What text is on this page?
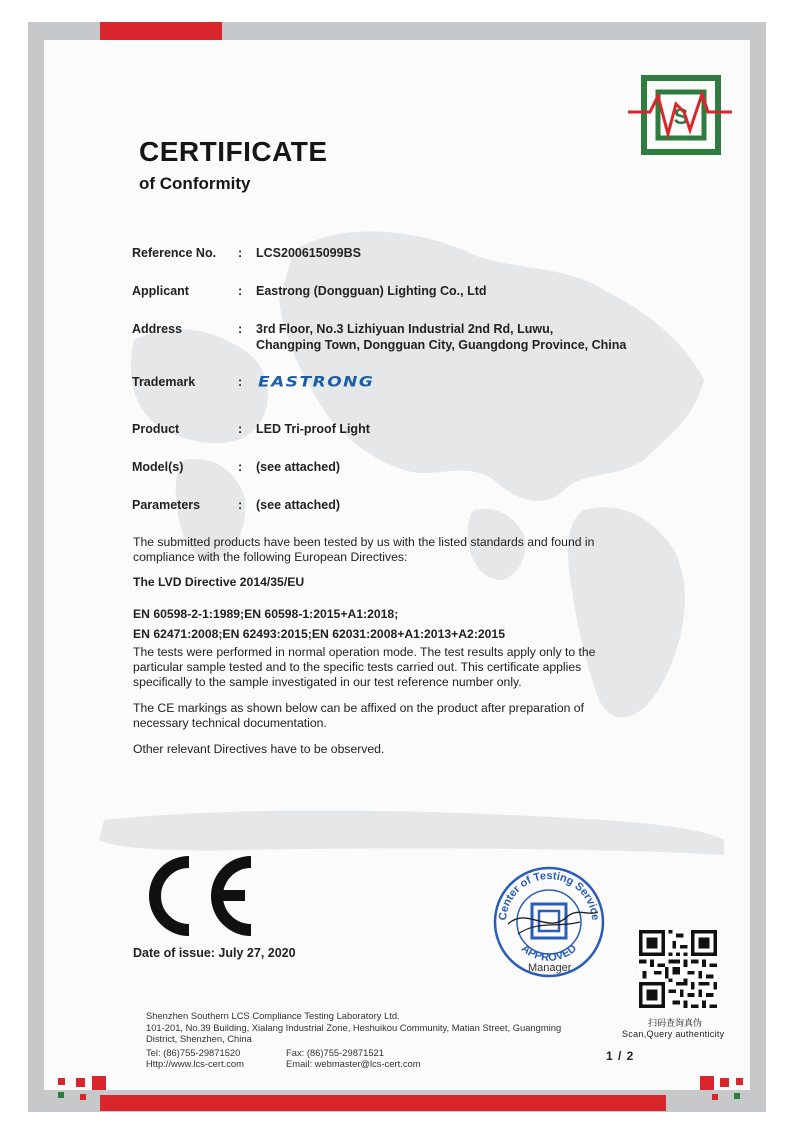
S
CERTIFICATE
of Conformity
Reference No. : LCS200615099BS
Applicant	: Eastrong (Dongguan) Lighting Co., Ltd
Address	: 3rd Floor, No.3 Lizhiyuan Industrial 2nd Rd, Luwu,
Changping Town, Dongguan City, Guangdong Province, China
Trademark	: EASTRONG
Product	: LED Tri-proof Light
Model(s)	: (see attached)
Parameters	: (see attached)
The submitted products have been tested by us with the listed standards and found in
compliance with the following European Directives:
The LVD Directive 2014/35/EU
EN 60598-2-1:1989;EN 60598-1:2015+A1:2018;
EN 62471:2008;EN 62493:2015;EN 62031:2008+A1:2013+A2:2015
The tests were performed in normal operation mode. The test results apply only to the
particular sample tested and to the specific tests carried out. This certificate applies
specifically to the sample investigated in our test reference number only.
The CE markings as shown below can be affixed on the product after preparation of
necessary technical documentation.
Other relevant Directives have to be observed.
Date of issue: July 27, 2020
Center of Testing Service
APPROVED
Manager
扫码查询真伪
Scan,Query authenticity
Shenzhen Southern LCS Compliance Testing Laboratory Ltd.
101-201, No.39 Building, Xialang Industrial Zone, Heshuikou Community, Matian Street, Guangming
District, Shenzhen, China
Tel: (86)755-29871520	Fax: (86)755-29871521
Http://www.lcs-cert.com	Email: webmaster@lcs-cert.com
1 / 2
